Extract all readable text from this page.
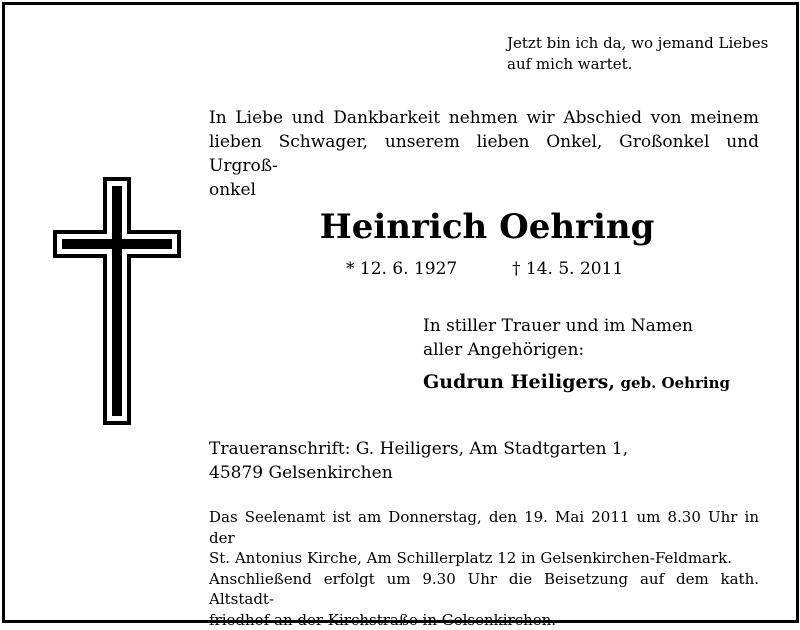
Jetzt bin ich da, wo jemand Liebes
auf mich wartet.
In Liebe und Dankbarkeit nehmen wir Abschied von meinem
lieben Schwager, unserem lieben Onkel, Großonkel und Urgroß-
onkel
Heinrich Oehring
* 12. 6. 1927	† 14. 5. 2011
In stiller Trauer und im Namen
aller Angehörigen:
Gudrun Heiligers, geb. Oehring
Traueranschrift: G. Heiligers, Am Stadtgarten 1,
45879 Gelsenkirchen
Das Seelenamt ist am Donnerstag, den 19. Mai 2011 um 8.30 Uhr in der
St. Antonius Kirche, Am Schillerplatz 12 in Gelsenkirchen-Feldmark.
Anschließend erfolgt um 9.30 Uhr die Beisetzung auf dem kath. Altstadt-
friedhof an der Kirchstraße in Gelsenkirchen.
